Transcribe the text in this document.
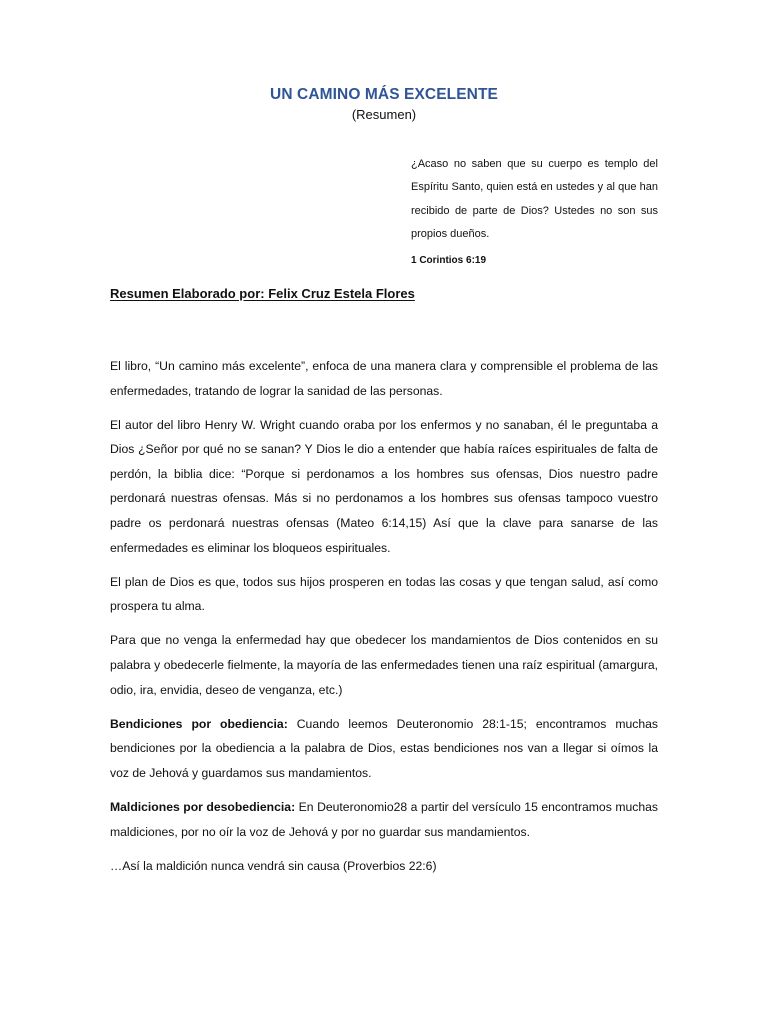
UN CAMINO MÁS EXCELENTE
(Resumen)
¿Acaso no saben que su cuerpo es templo del Espíritu Santo, quien está en ustedes y al que han recibido de parte de Dios? Ustedes no son sus propios dueños.
1 Corintios 6:19
Resumen Elaborado por: Felix Cruz Estela Flores

El libro, “Un camino más excelente”, enfoca de una manera clara y comprensible el problema de las enfermedades, tratando de lograr la sanidad de las personas.

El autor del libro Henry W. Wright cuando oraba por los enfermos y no sanaban, él le preguntaba a Dios ¿Señor por qué no se sanan? Y Dios le dio a entender que había raíces espirituales de falta de perdón, la biblia dice: “Porque si perdonamos a los hombres sus ofensas, Dios nuestro padre perdonará nuestras ofensas. Más si no perdonamos a los hombres sus ofensas tampoco vuestro padre os perdonará nuestras ofensas (Mateo 6:14,15) Así que la clave para sanarse de las enfermedades es eliminar los bloqueos espirituales.

El plan de Dios es que, todos sus hijos prosperen en todas las cosas y que tengan salud, así como prospera tu alma.

Para que no venga la enfermedad hay que obedecer los mandamientos de Dios contenidos en su palabra y obedecerle fielmente, la mayoría de las enfermedades tienen una raíz espiritual (amargura, odio, ira, envidia, deseo de venganza, etc.)

Bendiciones por obediencia: Cuando leemos Deuteronomio 28:1-15; encontramos muchas bendiciones por la obediencia a la palabra de Dios, estas bendiciones nos van a llegar si oímos la voz de Jehová y guardamos sus mandamientos.

Maldiciones por desobediencia: En Deuteronomio28 a partir del versículo 15 encontramos muchas maldiciones, por no oír la voz de Jehová y por no guardar sus mandamientos.

…Así la maldición nunca vendrá sin causa (Proverbios 22:6)
